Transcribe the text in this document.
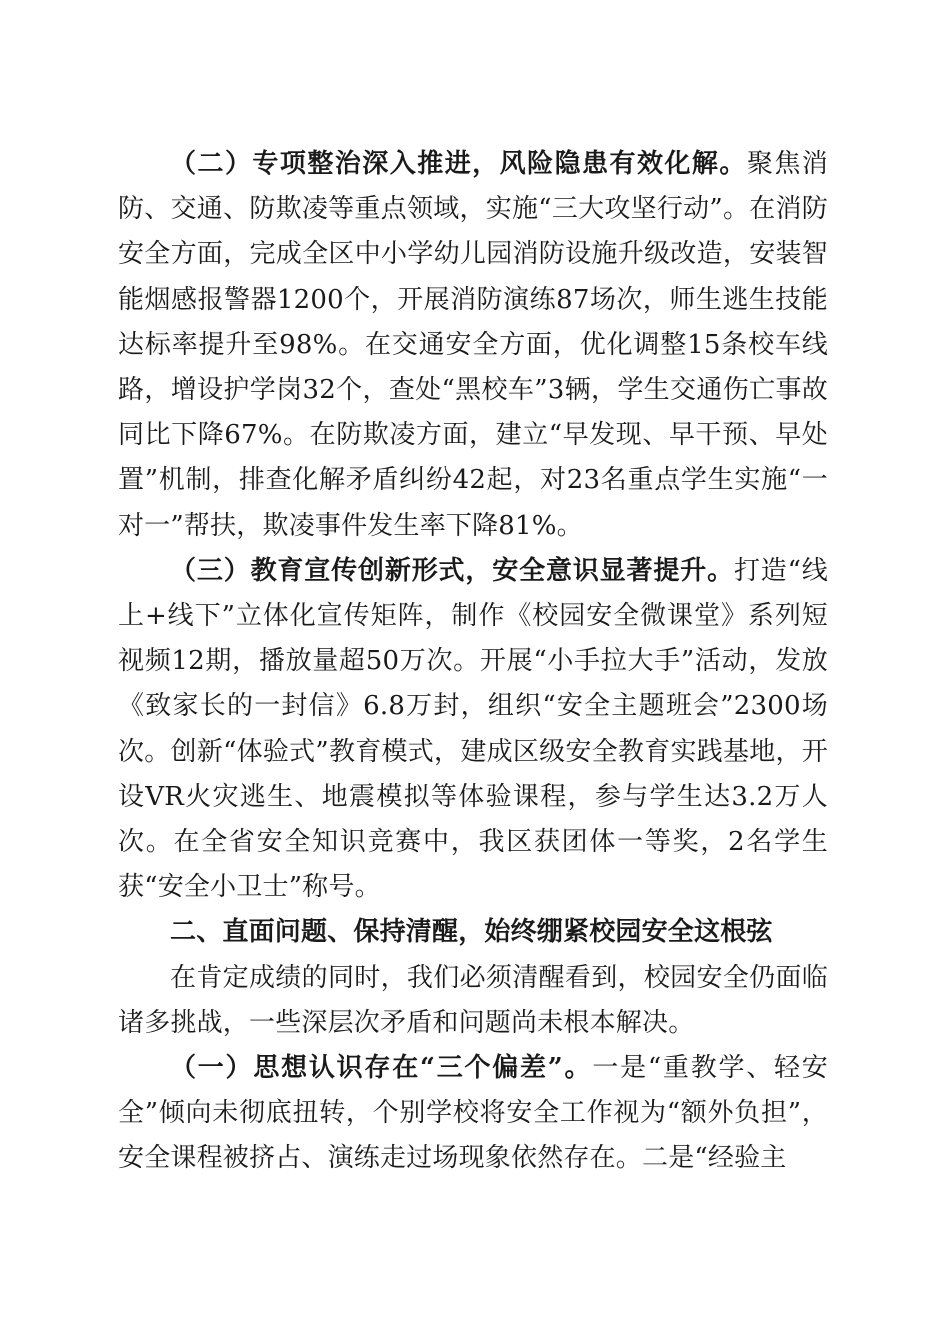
（二）专项整治深入推进，风险隐患有效化解。聚焦消防、交通、防欺凌等重点领域，实施“三大攻坚行动”。在消防安全方面，完成全区中小学幼儿园消防设施升级改造，安装智能烟感报警器1200个，开展消防演练87场次，师生逃生技能达标率提升至98%。在交通安全方面，优化调整15条校车线路，增设护学岗32个，查处“黑校车”3辆，学生交通伤亡事故同比下降67%。在防欺凌方面，建立“早发现、早干预、早处置”机制，排查化解矛盾纠纷42起，对23名重点学生实施“一对一”帮扶，欺凌事件发生率下降81%。

（三）教育宣传创新形式，安全意识显著提升。打造“线上+线下”立体化宣传矩阵，制作《校园安全微课堂》系列短视频12期，播放量超50万次。开展“小手拉大手”活动，发放《致家长的一封信》6.8万封，组织“安全主题班会”2300场次。创新“体验式”教育模式，建成区级安全教育实践基地，开设VR火灾逃生、地震模拟等体验课程，参与学生达3.2万人次。在全省安全知识竞赛中，我区获团体一等奖，2名学生获“安全小卫士”称号。

二、直面问题、保持清醒，始终绷紧校园安全这根弦

在肯定成绩的同时，我们必须清醒看到，校园安全仍面临诸多挑战，一些深层次矛盾和问题尚未根本解决。

（一）思想认识存在“三个偏差”。一是“重教学、轻安全”倾向未彻底扭转，个别学校将安全工作视为“额外负担”，安全课程被挤占、演练走过场现象依然存在。二是“经验主
